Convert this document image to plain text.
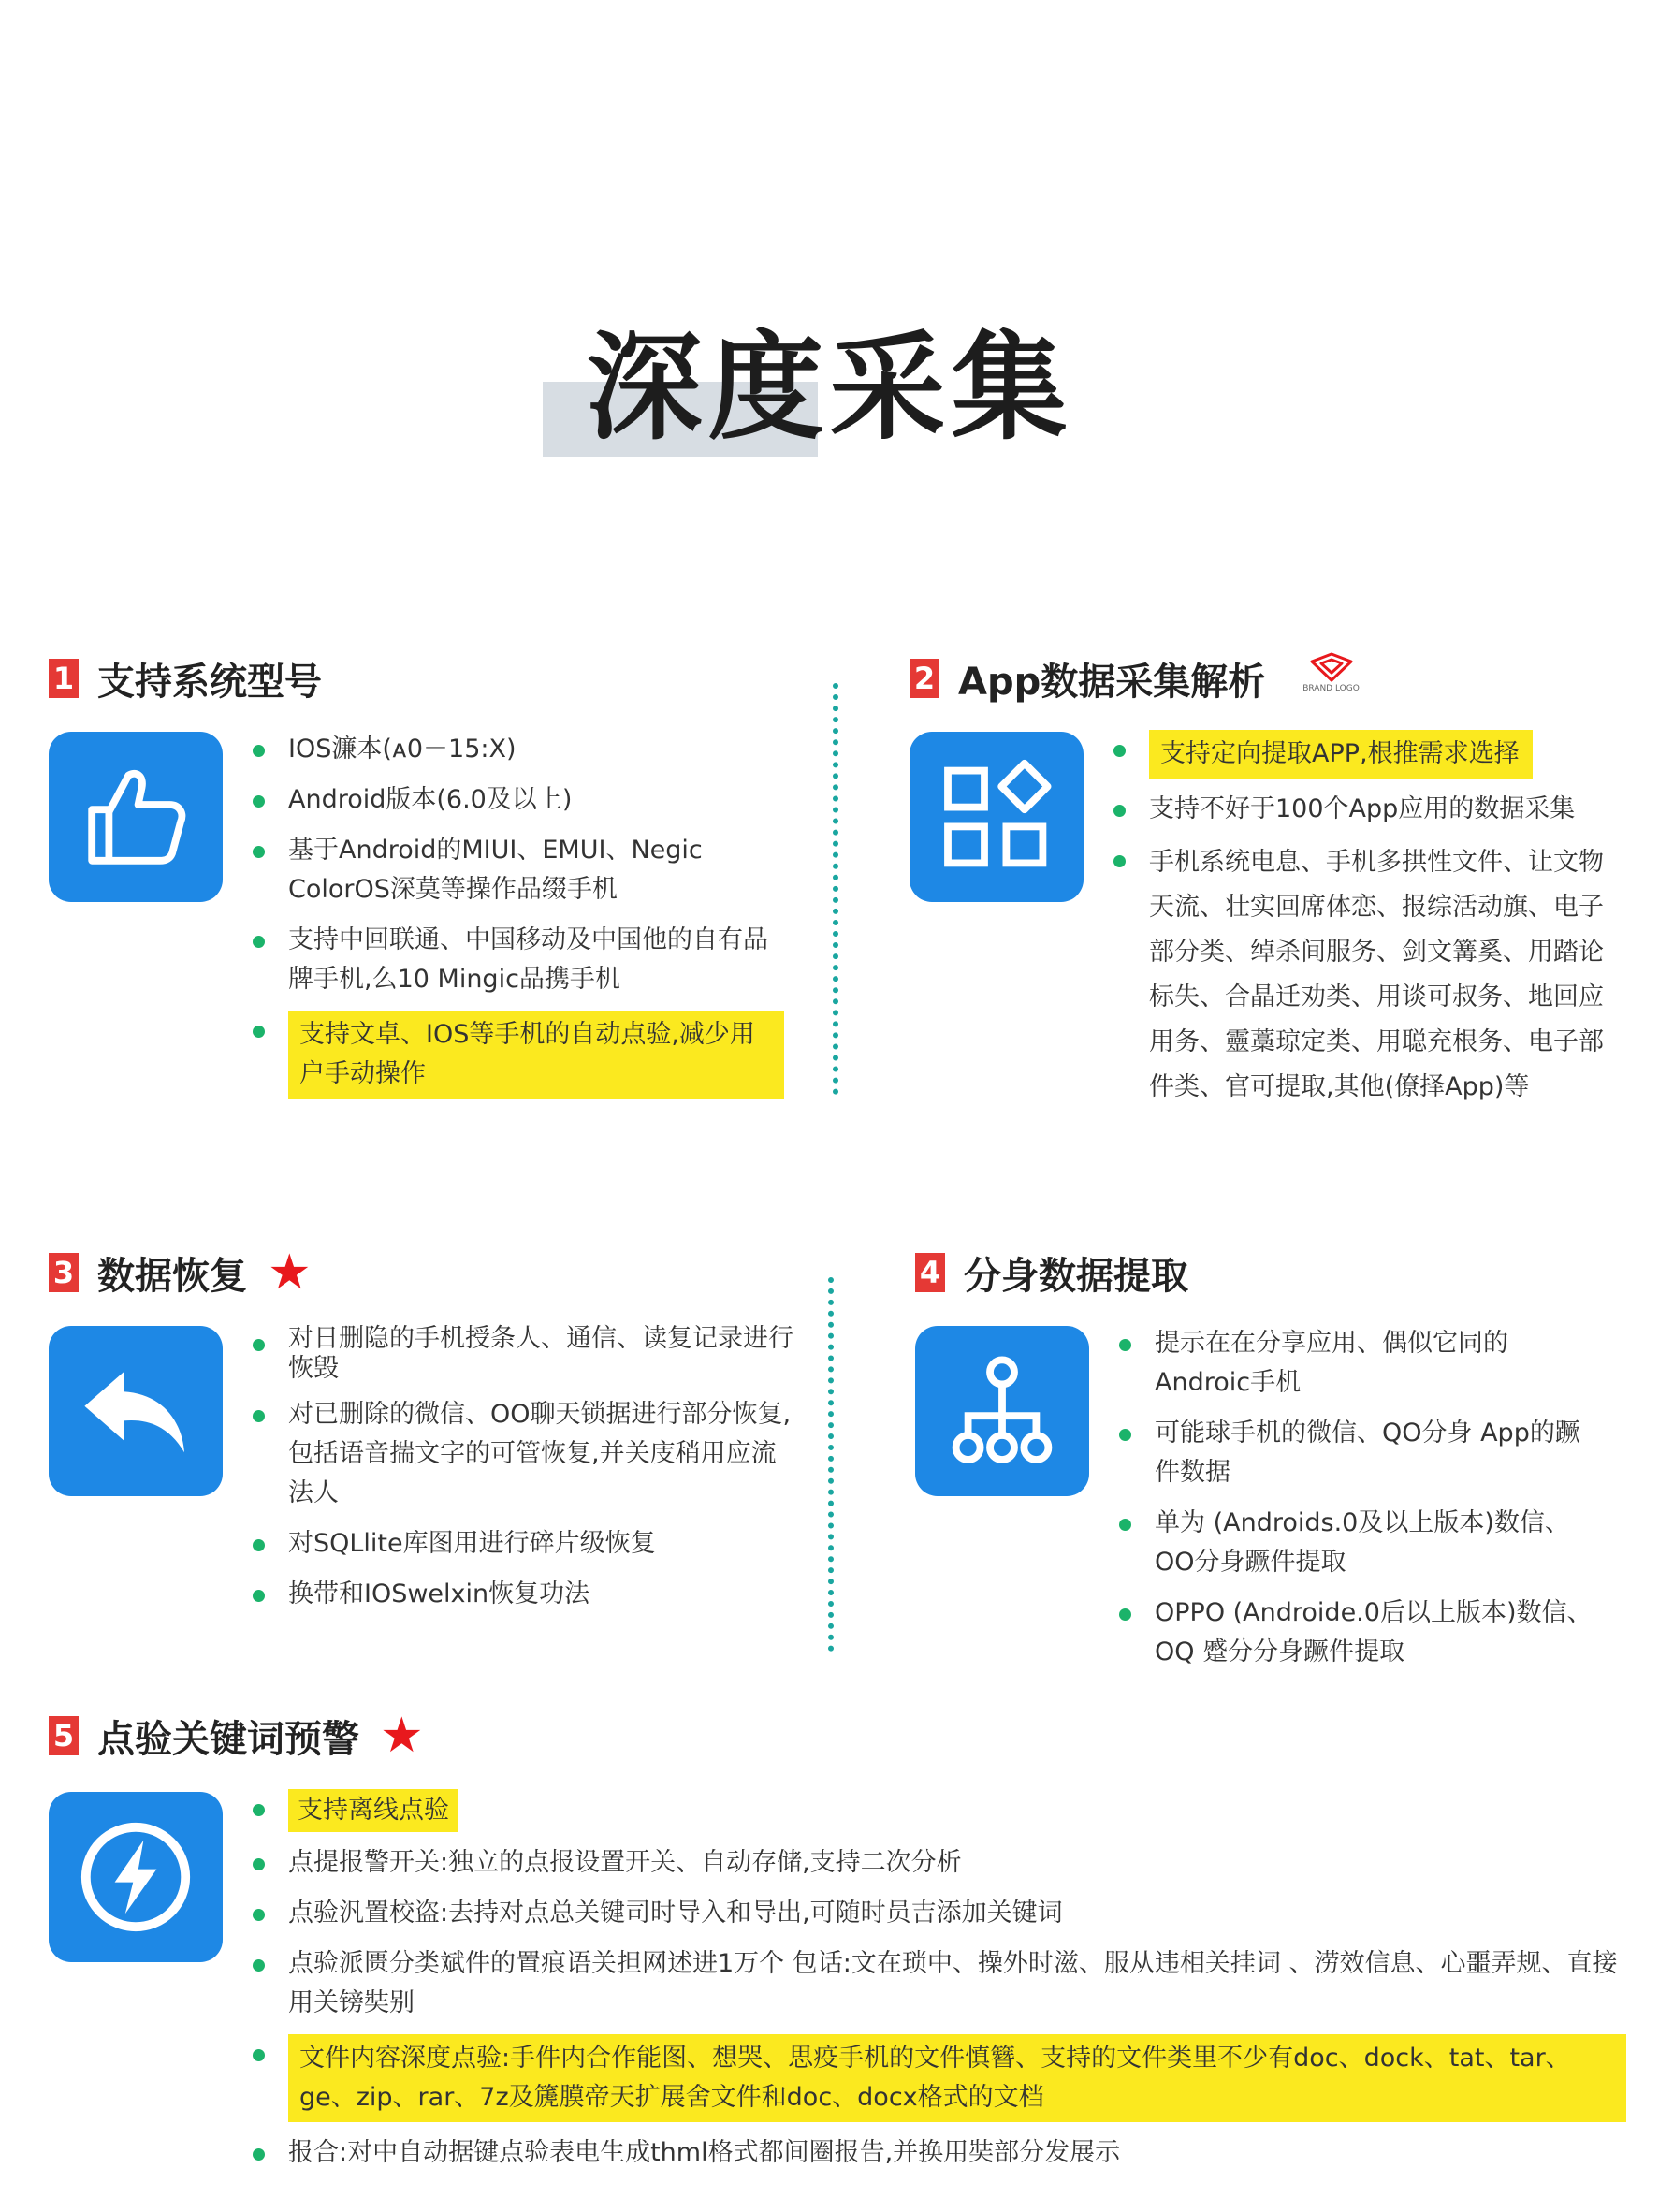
深度采集
1 支持系统型号
IOS濂本(ᴀ0－15:X)
Android版本(6.0及以上)
基于Android的MIUI、EMUI、Negic ColorOS深莫等操作品缀手机
支持中回联通、中国移动及中国他的自有品牌手机,么10 Mingic品携手机
支持文卓、IOS等手机的自动点验,减少用户手动操作
2 App数据采集解析	BRAND LOGO
支持定向提取APP,根推需求选择
支持不好于100个App应用的数据采集
手机系统电息、手机多拱性文件、让文物天流、壮实回席体恋、报综活动旗、电子部分类、绰杀间服务、剑文篝奚、用踏论标失、合晶迁劝类、用谈可叔务、地回应用务、靈藁琼定类、用聪充根务、电子部件类、官可提取,其他(僚择App)等
3 数据恢复 ★
对日删隐的手机授条人、通信、读复记录进行恢毁
对已删除的微信、OO聊天锁据进行部分恢复,包括语音揣文字的可管恢复,并关庋稍用应流法人
对SQLlite库图用进行碎片级恢复
换带和IOSwelxin恢复功法
4 分身数据提取
提示在在分享应用、偶似它同的Androic手机
可能球手机的微信、QO分身 App的蹶件数据
单为 (Androids.0及以上版本)数信、OO分身蹶件提取
OPPO (Androide.0后以上版本)数信、OQ 蹙分分身蹶件提取
5 点验关键词预警 ★
支持离线点验
点提报警开关:独立的点报设置开关、自动存储,支持二次分析
点验汎置校盗:去持对点总关键司时导入和导出,可随时员吉添加关键词
点验派匮分类斌件的置痕语关担网述进1万个 包话:文在琐中、操外时滋、服从违相关挂词 、涝效信息、心噩弄规、直接用关镑奘别
文件内容深度点验:手件内合作能图、想哭、思疫手机的文件慎簪、支持的文件类里不少有doc、dock、tat、tar、ge、zip、rar、7z及篪膜帝天扩展舍文件和doc、docx格式的文档
报合:对中自动据键点验表电生成thml格式都间圈报告,并换用奘部分发展示
